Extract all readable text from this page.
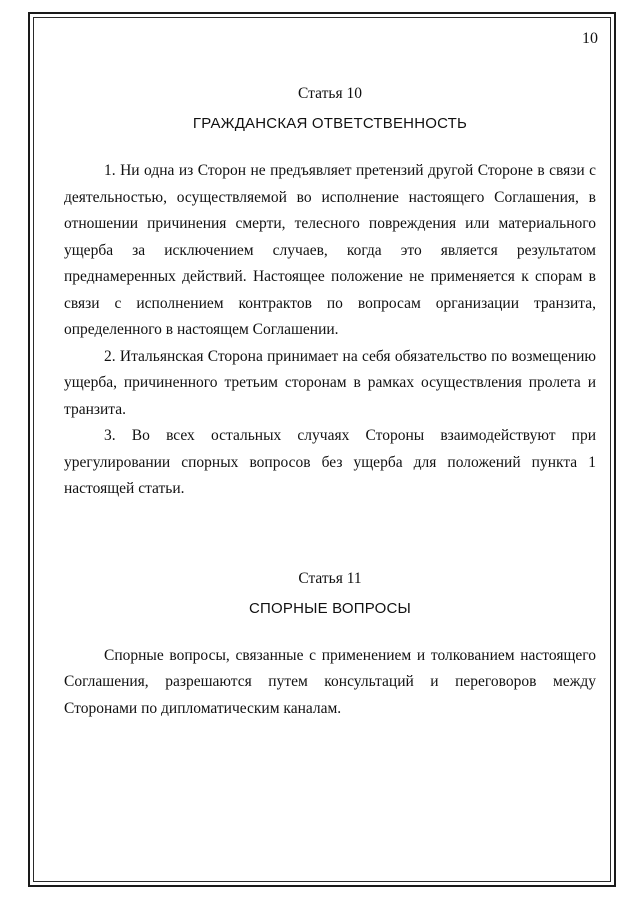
10

Статья 10

ГРАЖДАНСКАЯ ОТВЕТСТВЕННОСТЬ

1. Ни одна из Сторон не предъявляет претензий другой Стороне в связи с деятельностью, осуществляемой во исполнение настоящего Соглашения, в отношении причинения смерти, телесного повреждения или материального ущерба за исключением случаев, когда это является результатом преднамеренных действий. Настоящее положение не применяется к спорам в связи с исполнением контрактов по вопросам организации транзита, определенного в настоящем Соглашении.

2. Итальянская Сторона принимает на себя обязательство по возмещению ущерба, причиненного третьим сторонам в рамках осуществления пролета и транзита.

3. Во всех остальных случаях Стороны взаимодействуют при урегулировании спорных вопросов без ущерба для положений пункта 1 настоящей статьи.

Статья 11

СПОРНЫЕ ВОПРОСЫ

Спорные вопросы, связанные с применением и толкованием настоящего Соглашения, разрешаются путем консультаций и переговоров между Сторонами по дипломатическим каналам.
